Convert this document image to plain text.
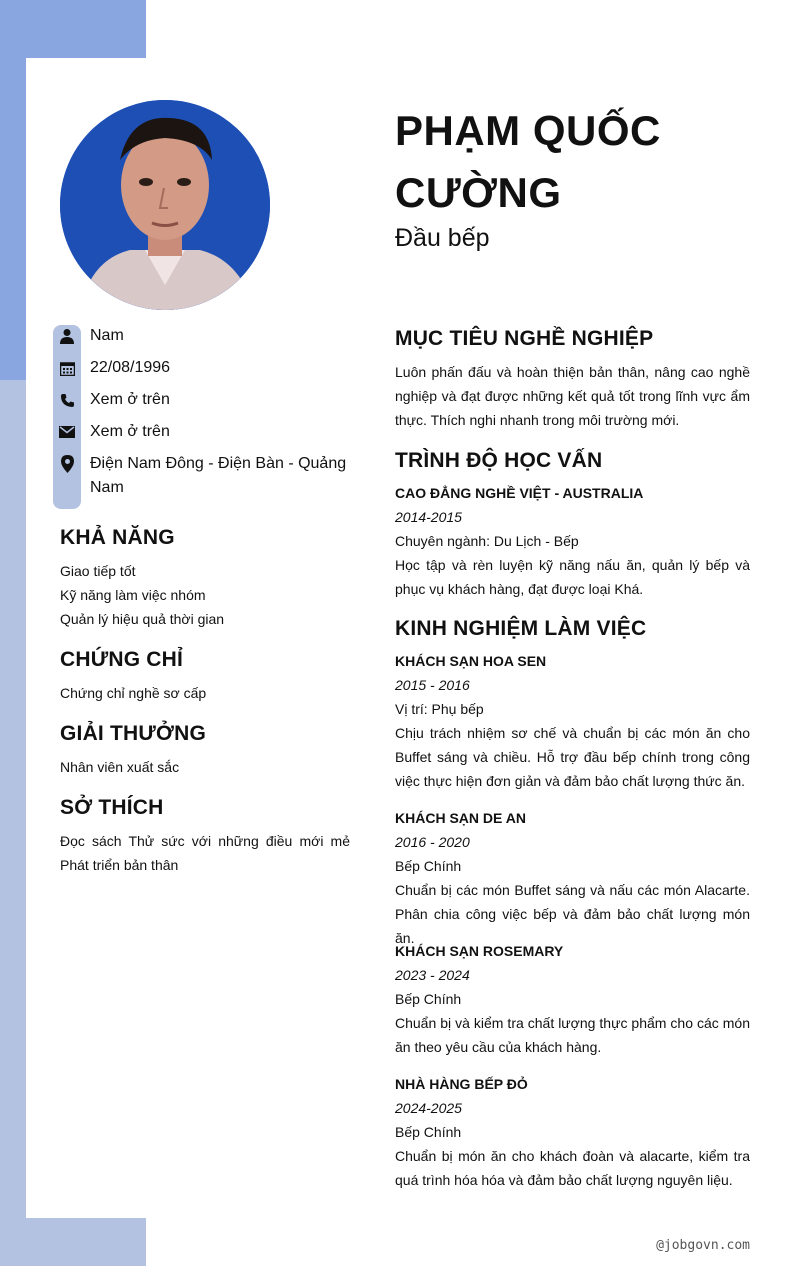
PHẠM QUỐC CƯỜNG
Đầu bếp
Nam
22/08/1996
Xem ở trên
Xem ở trên
Điện Nam Đông - Điện Bàn - Quảng Nam
KHẢ NĂNG
Giao tiếp tốt
Kỹ năng làm việc nhóm
Quản lý hiệu quả thời gian
CHỨNG CHỈ
Chứng chỉ nghề sơ cấp
GIẢI THƯỞNG
Nhân viên xuất sắc
SỞ THÍCH
Đọc sách Thử sức với những điều mới mẻ Phát triển bản thân
MỤC TIÊU NGHỀ NGHIỆP
Luôn phấn đấu và hoàn thiện bản thân, nâng cao nghề nghiệp và đạt được những kết quả tốt trong lĩnh vực ẩm thực. Thích nghi nhanh trong môi trường mới.
TRÌNH ĐỘ HỌC VẤN
CAO ĐẲNG NGHỀ VIỆT - AUSTRALIA
2014-2015
Chuyên ngành: Du Lịch - Bếp
Học tập và rèn luyện kỹ năng nấu ăn, quản lý bếp và phục vụ khách hàng, đạt được loại Khá.
KINH NGHIỆM LÀM VIỆC
KHÁCH SẠN HOA SEN
2015 - 2016
Vị trí: Phụ bếp
Chịu trách nhiệm sơ chế và chuẩn bị các món ăn cho Buffet sáng và chiều. Hỗ trợ đầu bếp chính trong công việc thực hiện đơn giản và đảm bảo chất lượng thức ăn.
KHÁCH SẠN DE AN
2016 - 2020
Bếp Chính
Chuẩn bị các món Buffet sáng và nấu các món Alacarte. Phân chia công việc bếp và đảm bảo chất lượng món ăn.
KHÁCH SẠN ROSEMARY
2023 - 2024
Bếp Chính
Chuẩn bị và kiểm tra chất lượng thực phẩm cho các món ăn theo yêu cầu của khách hàng.
NHÀ HÀNG BẾP ĐỎ
2024-2025
Bếp Chính
Chuẩn bị món ăn cho khách đoàn và alacarte, kiểm tra quá trình hóa hóa và đảm bảo chất lượng nguyên liệu.
@jobgovn.com
